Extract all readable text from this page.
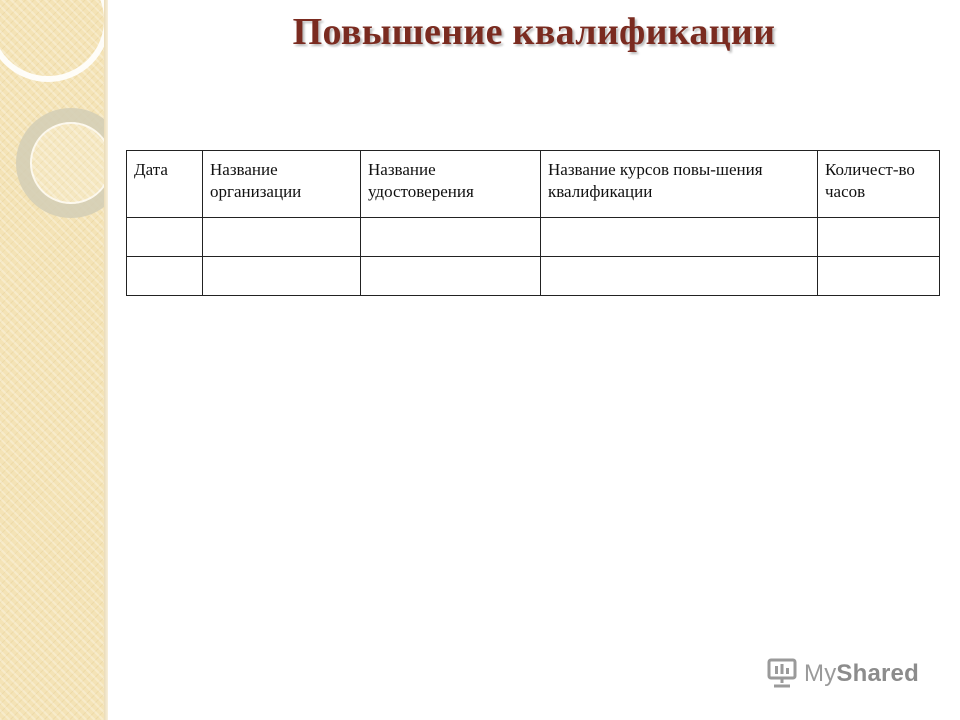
Повышение квалификации
Дата	Название организации	Название удостоверения	Название курсов повы-шения квалификации	Количест-во часов

MyShared
